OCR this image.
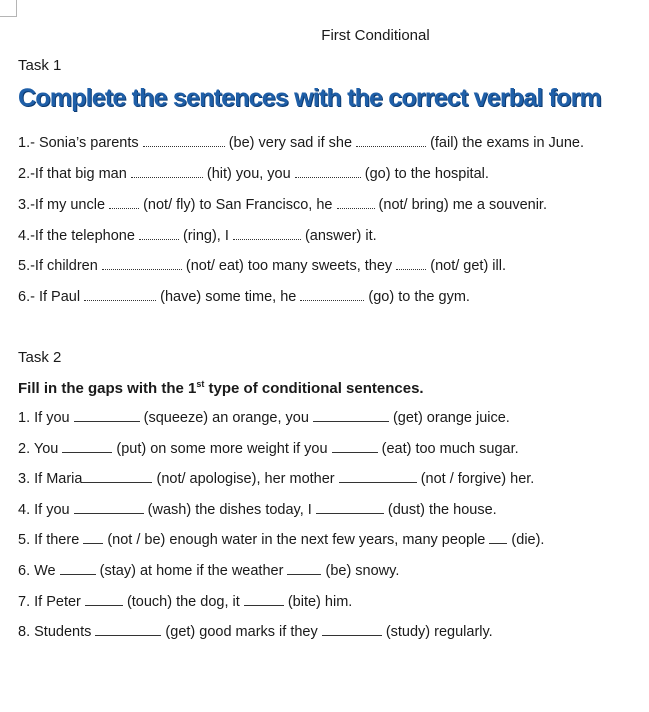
First Conditional
Task 1
Complete the sentences with the correct verbal form
1.- Sonia’s parents	(be) very sad if she	(fail) the exams in June.
2.-If that big man	(hit) you, you	(go) to the hospital.
3.-If my uncle	(not/ fly) to San Francisco, he	(not/ bring) me a souvenir.
4.-If the telephone	(ring), I	(answer) it.
5.-If children	(not/ eat) too many sweets, they	(not/ get) ill.
6.- If Paul	(have) some time, he	(go) to the gym.
Task 2
Fill in the gaps with the 1st type of conditional sentences.
1. If you	(squeeze) an orange, you	(get) orange juice.
2. You	(put) on some more weight if you	(eat) too much sugar.
3. If Maria	(not/ apologise), her mother	(not / forgive) her.
4. If you	(wash) the dishes today, I	(dust) the house.
5. If there (not / be) enough water in the next few years, many people (die).
6. We	(stay) at home if the weather	(be) snowy.
7. If Peter	(touch) the dog, it	(bite) him.
8. Students	(get) good marks if they	(study) regularly.
